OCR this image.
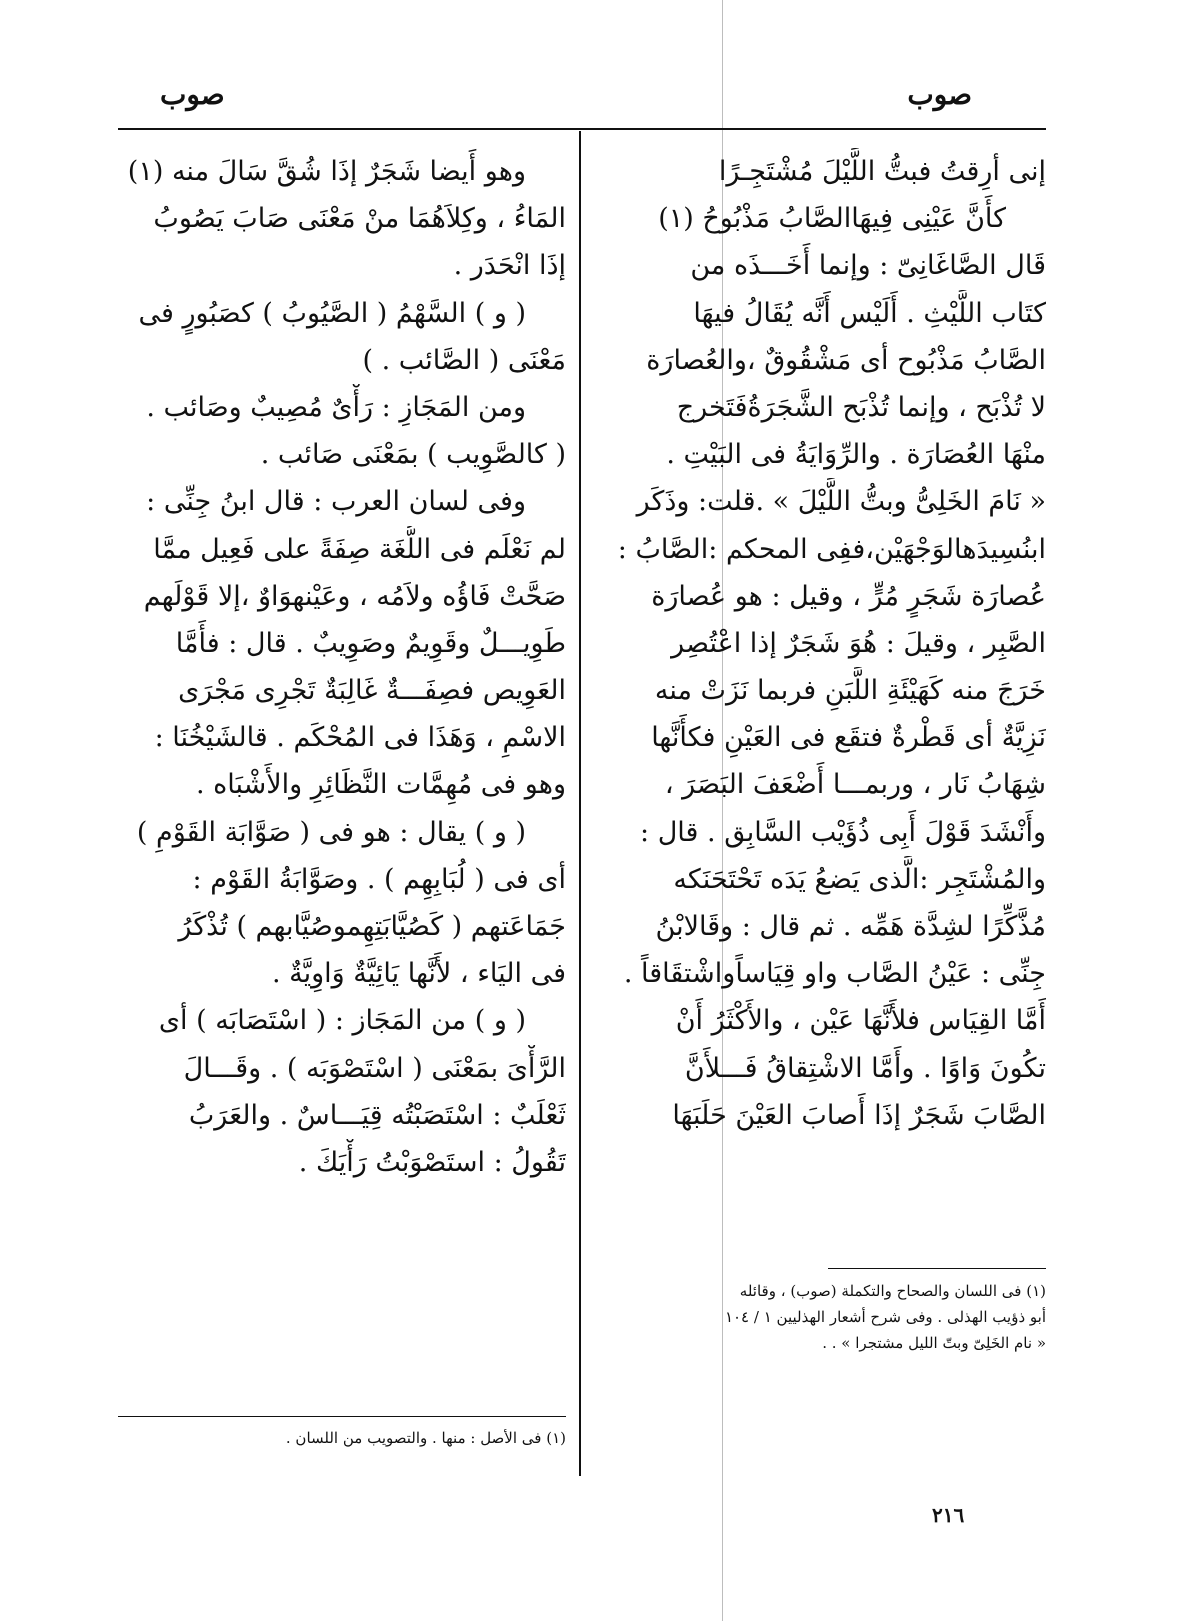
صوب
صوب
إنى أرِقتُ فبتُّ اللَّيْلَ مُشْتَجِـرًا
كأَنَّ عَيْنِى فِيهَاالصَّابُ مَذْبُوحُ (١)
قَال الصَّاغَانِىّ : وإنما أَخَـــذَه من
كتَاب اللَّيْثِ . أَلَيْس أَنَّه يُقَالُ فيهَا
الصَّابُ مَذْبُوح أى مَشْقُوقٌ ،والعُصارَة
لا تُذْبَح ، وإنما تُذْبَح الشَّجَرَةُفَتَخرج
منْهَا العُصَارَة . والرِّوَايَةُ فى البَيْتِ .
« نَامَ الخَلِىُّ وبتُّ اللَّيْلَ » .قلت: وذَكَر
ابنُسِيدَهالوَجْهَيْن،ففِى المحكم :الصَّابُ :
عُصارَة شَجَرٍ مُرٍّ ، وقيل : هو عُصارَة
الصَّبِر ، وقيلَ : هُوَ شَجَرٌ إذا اعْتُصِر
خَرَجَ منه كَهَيْئَةِ اللَّبَنِ فربما نَزَتْ منه
نَزِيَّةٌ أى قَطْرةٌ فتقَع فى العَيْنِ فكأَنَّها
شِهَابُ نَار ، وربمـــا أَضْعَفَ البَصَرَ ،
وأَنْشَدَ قَوْلَ أَبِى ذُؤَيْب السَّابِق . قال :
والمُشْتَجِر :الَّذى يَضعُ يَدَه تَحْتَحَنَكه
مُذَّكِّرًا لشِدَّة هَمِّه . ثم قال : وقَالابْنُ
جِنِّى : عَيْنُ الصَّاب واو قِيَاساًواشْتقَاقاً .
أَمَّا القِيَاس فلأَنَّهَا عَيْن ، والأَكْثَرُ أَنْ
تكُونَ وَاوًا . وأَمَّا الاشْتِقاقُ فَـــلأَنَّ
الصَّابَ شَجَرٌ إذَا أَصابَ العَيْنَ حَلَبَهَا
وهو أَيضا شَجَرٌ إذَا شُقَّ سَالَ منه (١)
المَاءُ ، وكِلاَهُمَا منْ مَعْنَى صَابَ يَصُوبُ
إذَا انْحَدَر .
( و ) السَّهْمُ ( الصَّيُوبُ ) كصَبُورٍ فى
مَعْنَى ( الصَّائب . )
ومن المَجَازِ : رَأْىٌ مُصِيبٌ وصَائب .
( كالصَّوِيب ) بمَعْنَى صَائب .
وفى لسان العرب : قال ابنُ جِنِّى :
لم نَعْلَم فى اللُّغَة صِفَةً على فَعِيل ممَّا
صَحَّتْ فَاؤُه ولاَمُه ، وعَيْنهوَاوٌ ،إلا قَوْلَهم
طَوِيـــلٌ وقَوِيمٌ وصَوِيبٌ . قال : فأَمَّا
العَوِيص فصِفَـــةٌ غَالِبَةٌ تَجْرِى مَجْرَى
الاسْمِ ، وَهَذَا فى المُحْكَم . قالشَيْخُنَا :
وهو فى مُهِمَّات النَّظَائِرِ والأَشْبَاه .
( و ) يقال : هو فى ( صَوَّابَة القَوْمِ )
أى فى ( لُبَابِهِم ) . وصَوَّابَةُ القَوْم :
جَمَاعَتهم ( كَصُيَّابَتِهِموصُيَّابهم ) تُذْكَرُ
فى اليَاء ، لأَنَّها يَائِيَّةٌ وَاوِيَّةٌ .
( و ) من المَجَاز : ( اسْتَصَابَه ) أى
الرَّأْىَ بمَعْنَى ( اسْتَصْوَبَه ) . وقَـــالَ
ثَعْلَبٌ : اسْتَصَبْتُه قِيَـــاسٌ . والعَرَبُ
تَقُولُ : استَصْوَبْتُ رَأْيَكَ .
(١) فى اللسان والصحاح والتكملة (صوب) ، وقائله
أبو ذؤيب الهذلى . وفى شرح أشعار الهذليين ١ / ١٠٤
« نام الخَلِىّ وبتّ الليل مشتجرا » . .
(١) فى الأصل : منها . والتصويب من اللسان .
٢١٦
